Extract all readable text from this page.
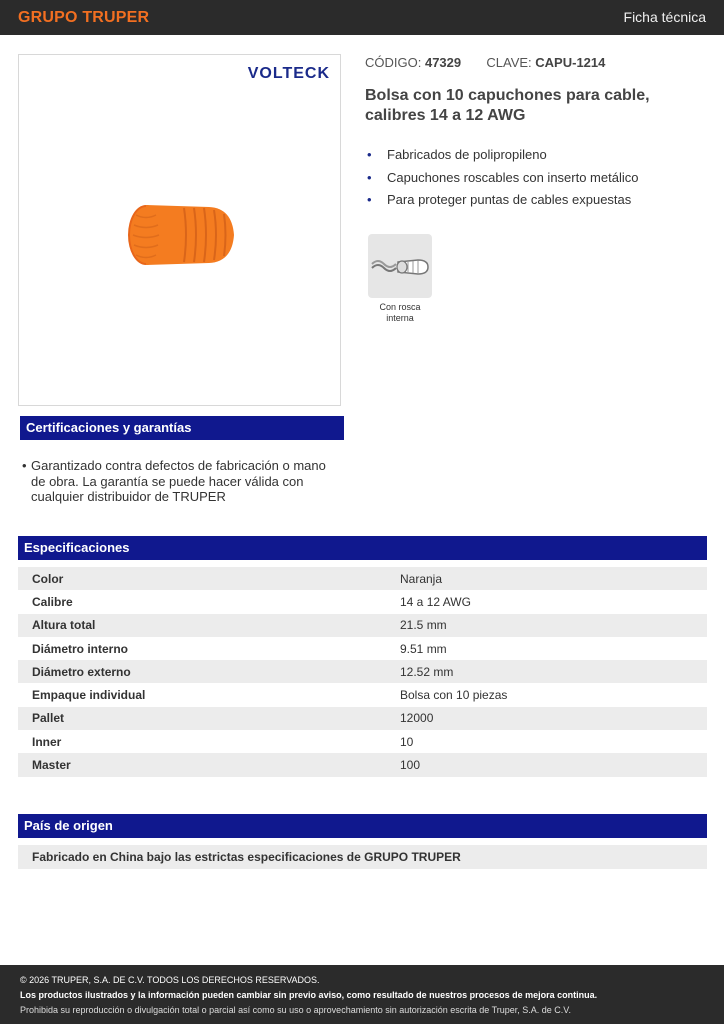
GRUPO TRUPER	Ficha técnica
VOLTECK
CÓDIGO: 47329 CLAVE: CAPU-1214
Bolsa con 10 capuchones para cable, calibres 14 a 12 AWG
• Fabricados de polipropileno
• Capuchones roscables con inserto metálico
• Para proteger puntas de cables expuestas
Con rosca interna
Certificaciones y garantías
• Garantizado contra defectos de fabricación o mano de obra. La garantía se puede hacer válida con cualquier distribuidor de TRUPER
Especificaciones
Color	Naranja
Calibre	14 a 12 AWG
Altura total	21.5 mm
Diámetro interno	9.51 mm
Diámetro externo	12.52 mm
Empaque individual	Bolsa con 10 piezas
Pallet	12000
Inner	10
Master	100
País de origen
Fabricado en China bajo las estrictas especificaciones de GRUPO TRUPER
© 2026 TRUPER, S.A. DE C.V. TODOS LOS DERECHOS RESERVADOS.
Los productos ilustrados y la información pueden cambiar sin previo aviso, como resultado de nuestros procesos de mejora continua.
Prohibida su reproducción o divulgación total o parcial así como su uso o aprovechamiento sin autorización escrita de Truper, S.A. de C.V.
